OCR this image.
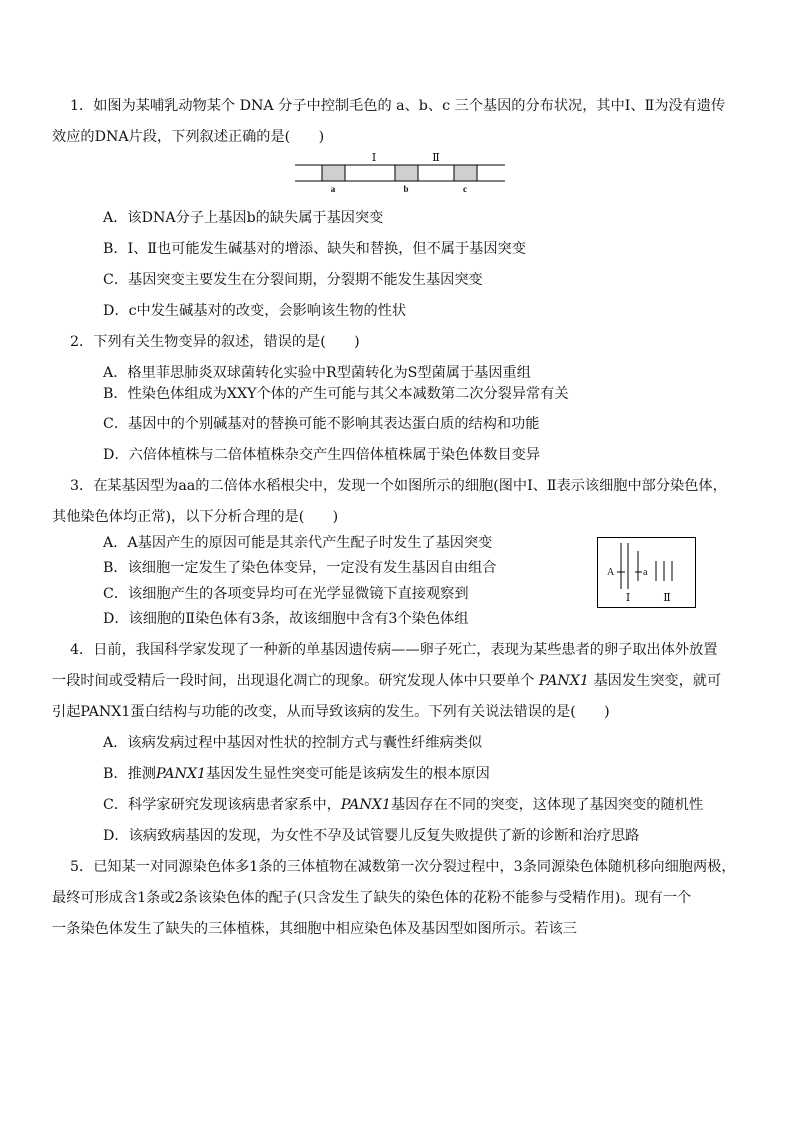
1．如图为某哺乳动物某个 DNA 分子中控制毛色的 a、b、c 三个基因的分布状况，其中Ⅰ、Ⅱ为没有遗传
效应的DNA片段，下列叙述正确的是(　　)
Ⅰ	Ⅱ
a	b	c
A．该DNA分子上基因b的缺失属于基因突变
B．Ⅰ、Ⅱ也可能发生碱基对的增添、缺失和替换，但不属于基因突变
C．基因突变主要发生在分裂间期，分裂期不能发生基因突变
D．c中发生碱基对的改变，会影响该生物的性状
2．下列有关生物变异的叙述，错误的是(　　)
A．格里菲思肺炎双球菌转化实验中R型菌转化为S型菌属于基因重组
B．性染色体组成为XXY个体的产生可能与其父本减数第二次分裂异常有关
C．基因中的个别碱基对的替换可能不影响其表达蛋白质的结构和功能
D．六倍体植株与二倍体植株杂交产生四倍体植株属于染色体数目变异
3．在某基因型为aa的二倍体水稻根尖中，发现一个如图所示的细胞(图中Ⅰ、Ⅱ表示该细胞中部分染色体，
其他染色体均正常)，以下分析合理的是(　　)
A．A基因产生的原因可能是其亲代产生配子时发生了基因突变
B．该细胞一定发生了染色体变异，一定没有发生基因自由组合
C．该细胞产生的各项变异均可在光学显微镜下直接观察到
D．该细胞的Ⅱ染色体有3条，故该细胞中含有3个染色体组
A	a
Ⅰ	Ⅱ
4．日前，我国科学家发现了一种新的单基因遗传病——卵子死亡，表现为某些患者的卵子取出体外放置
一段时间或受精后一段时间，出现退化凋亡的现象。研究发现人体中只要单个 PANX1 基因发生突变，就可
引起PANX1蛋白结构与功能的改变，从而导致该病的发生。下列有关说法错误的是(　　)
A．该病发病过程中基因对性状的控制方式与囊性纤维病类似
B．推测PANX1基因发生显性突变可能是该病发生的根本原因
C．科学家研究发现该病患者家系中，PANX1基因存在不同的突变，这体现了基因突变的随机性
D．该病致病基因的发现，为女性不孕及试管婴儿反复失败提供了新的诊断和治疗思路
5．已知某一对同源染色体多1条的三体植物在减数第一次分裂过程中，3条同源染色体随机移向细胞两极，
最终可形成含1条或2条该染色体的配子(只含发生了缺失的染色体的花粉不能参与受精作用)。现有一个
一条染色体发生了缺失的三体植株，其细胞中相应染色体及基因型如图所示。若该三
